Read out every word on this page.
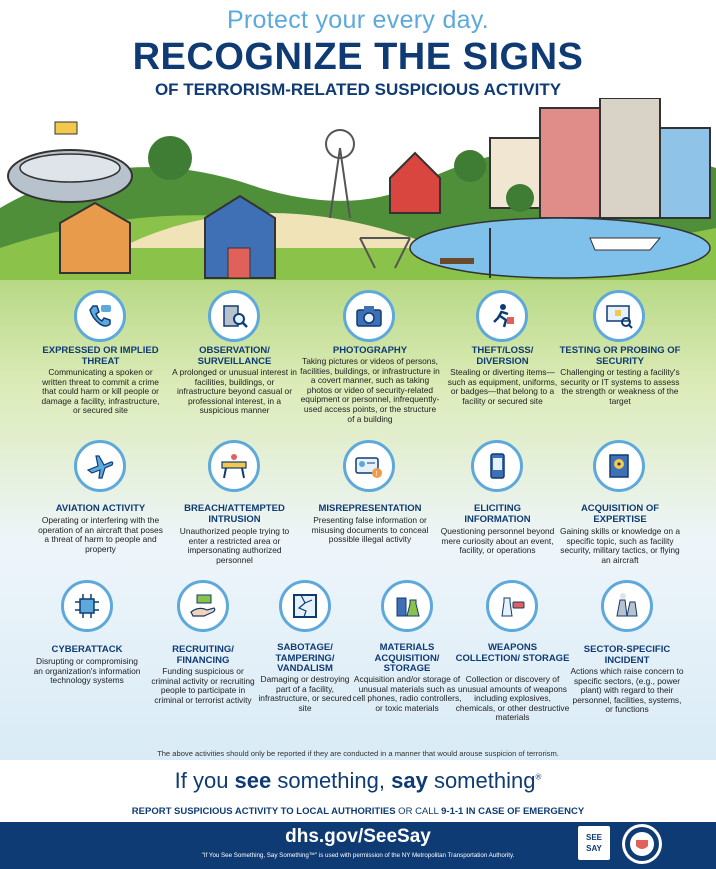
Protect your every day.
RECOGNIZE THE SIGNS
OF TERRORISM-RELATED SUSPICIOUS ACTIVITY
EXPRESSED OR IMPLIED THREAT
Communicating a spoken or written threat to commit a crime that could harm or kill people or damage a facility, infrastructure, or secured site
OBSERVATION/ SURVEILLANCE
A prolonged or unusual interest in facilities, buildings, or infrastructure beyond casual or professional interest, in a suspicious manner
PHOTOGRAPHY
Taking pictures or videos of persons, facilities, buildings, or infrastructure in a covert manner, such as taking photos or video of security-related equipment or personnel, infrequently-used access points, or the structure of a building
THEFT/LOSS/ DIVERSION
Stealing or diverting items—such as equipment, uniforms, or badges—that belong to a facility or secured site
TESTING OR PROBING OF SECURITY
Challenging or testing a facility's security or IT systems to assess the strength or weakness of the target
AVIATION ACTIVITY
Operating or interfering with the operation of an aircraft that poses a threat of harm to people and property
BREACH/ATTEMPTED INTRUSION
Unauthorized people trying to enter a restricted area or impersonating authorized personnel
!
MISREPRESENTATION
Presenting false information or misusing documents to conceal possible illegal activity
ELICITING INFORMATION
Questioning personnel beyond mere curiosity about an event, facility, or operations
ACQUISITION OF EXPERTISE
Gaining skills or knowledge on a specific topic, such as facility security, military tactics, or flying an aircraft
CYBERATTACK
Disrupting or compromising an organization's information technology systems
RECRUITING/ FINANCING
Funding suspicious or criminal activity or recruiting people to participate in criminal or terrorist activity
SABOTAGE/ TAMPERING/ VANDALISM
Damaging or destroying part of a facility, infrastructure, or secured site
MATERIALS ACQUISITION/ STORAGE
Acquisition and/or storage of unusual materials such as cell phones, radio controllers, or toxic materials
WEAPONS COLLECTION/ STORAGE
Collection or discovery of unusual amounts of weapons including explosives, chemicals, or other destructive materials
SECTOR-SPECIFIC INCIDENT
Actions which raise concern to specific sectors, (e.g., power plant) with regard to their personnel, facilities, systems, or functions
The above activities should only be reported if they are conducted in a manner that would arouse suspicion of terrorism.
If you see something, say something®
REPORT SUSPICIOUS ACTIVITY TO LOCAL AUTHORITIES OR CALL 9-1-1 IN CASE OF EMERGENCY
dhs.gov/SeeSay
"If You See Something, Say Something™" is used with permission of the NY Metropolitan Transportation Authority.
SEE SAY
